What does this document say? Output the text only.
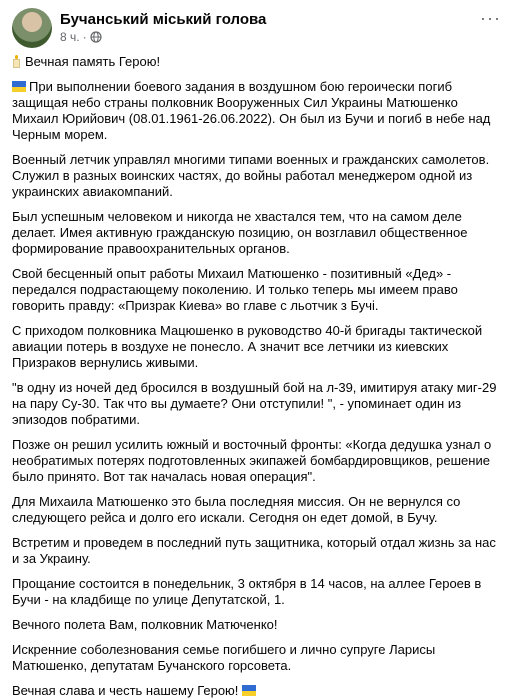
Бучанський міський голова
8 ч. ·
···

Вечная память Герою!

При выполнении боевого задания в воздушном бою героически погиб защищая небо страны полковник Вооруженных Сил Украины Матюшенко Михаил Юрийович (08.01.1961-26.06.2022). Он был из Бучи и погиб в небе над Черным морем.

Военный летчик управлял многими типами военных и гражданских самолетов. Служил в разных воинских частях, до войны работал менеджером одной из украинских авиакомпаний.

Был успешным человеком и никогда не хвастался тем, что на самом деле делает. Имея активную гражданскую позицию, он возглавил общественное формирование правоохранительных органов.

Свой бесценный опыт работы Михаил Матюшенко - позитивный «Дед» - передался подрастающему поколению. И только теперь мы имеем право говорить правду: «Призрак Киева» во главе с льотчик з Бучі.

С приходом полковника Мацюшенко в руководство 40-й бригады тактической авиации потерь в воздухе не понесло. А значит все летчики из киевских Призраков вернулись живыми.

"в одну из ночей дед бросился в воздушный бой на л-39, имитируя атаку миг-29 на пару Су-30. Так что вы думаете? Они отступили! ", - упоминает один из эпизодов побратими.

Позже он решил усилить южный и восточный фронты: «Когда дедушка узнал о необратимых потерях подготовленных экипажей бомбардировщиков, решение было принято. Вот так началась новая операция".

Для Михаила Матюшенко это была последняя миссия. Он не вернулся со следующего рейса и долго его искали. Сегодня он едет домой, в Бучу.

Встретим и проведем в последний путь защитника, который отдал жизнь за нас и за Украину.

Прощание состоится в понедельник, 3 октября в 14 часов, на аллее Героев в Бучи - на кладбище по улице Депутатской, 1.

Вечного полета Вам, полковник Матюченко!

Искренние соболезнования семье погибшего и лично супруге Ларисы Матюшенко, депутатам Бучанского горсовета.

Вечная слава и честь нашему Герою!
